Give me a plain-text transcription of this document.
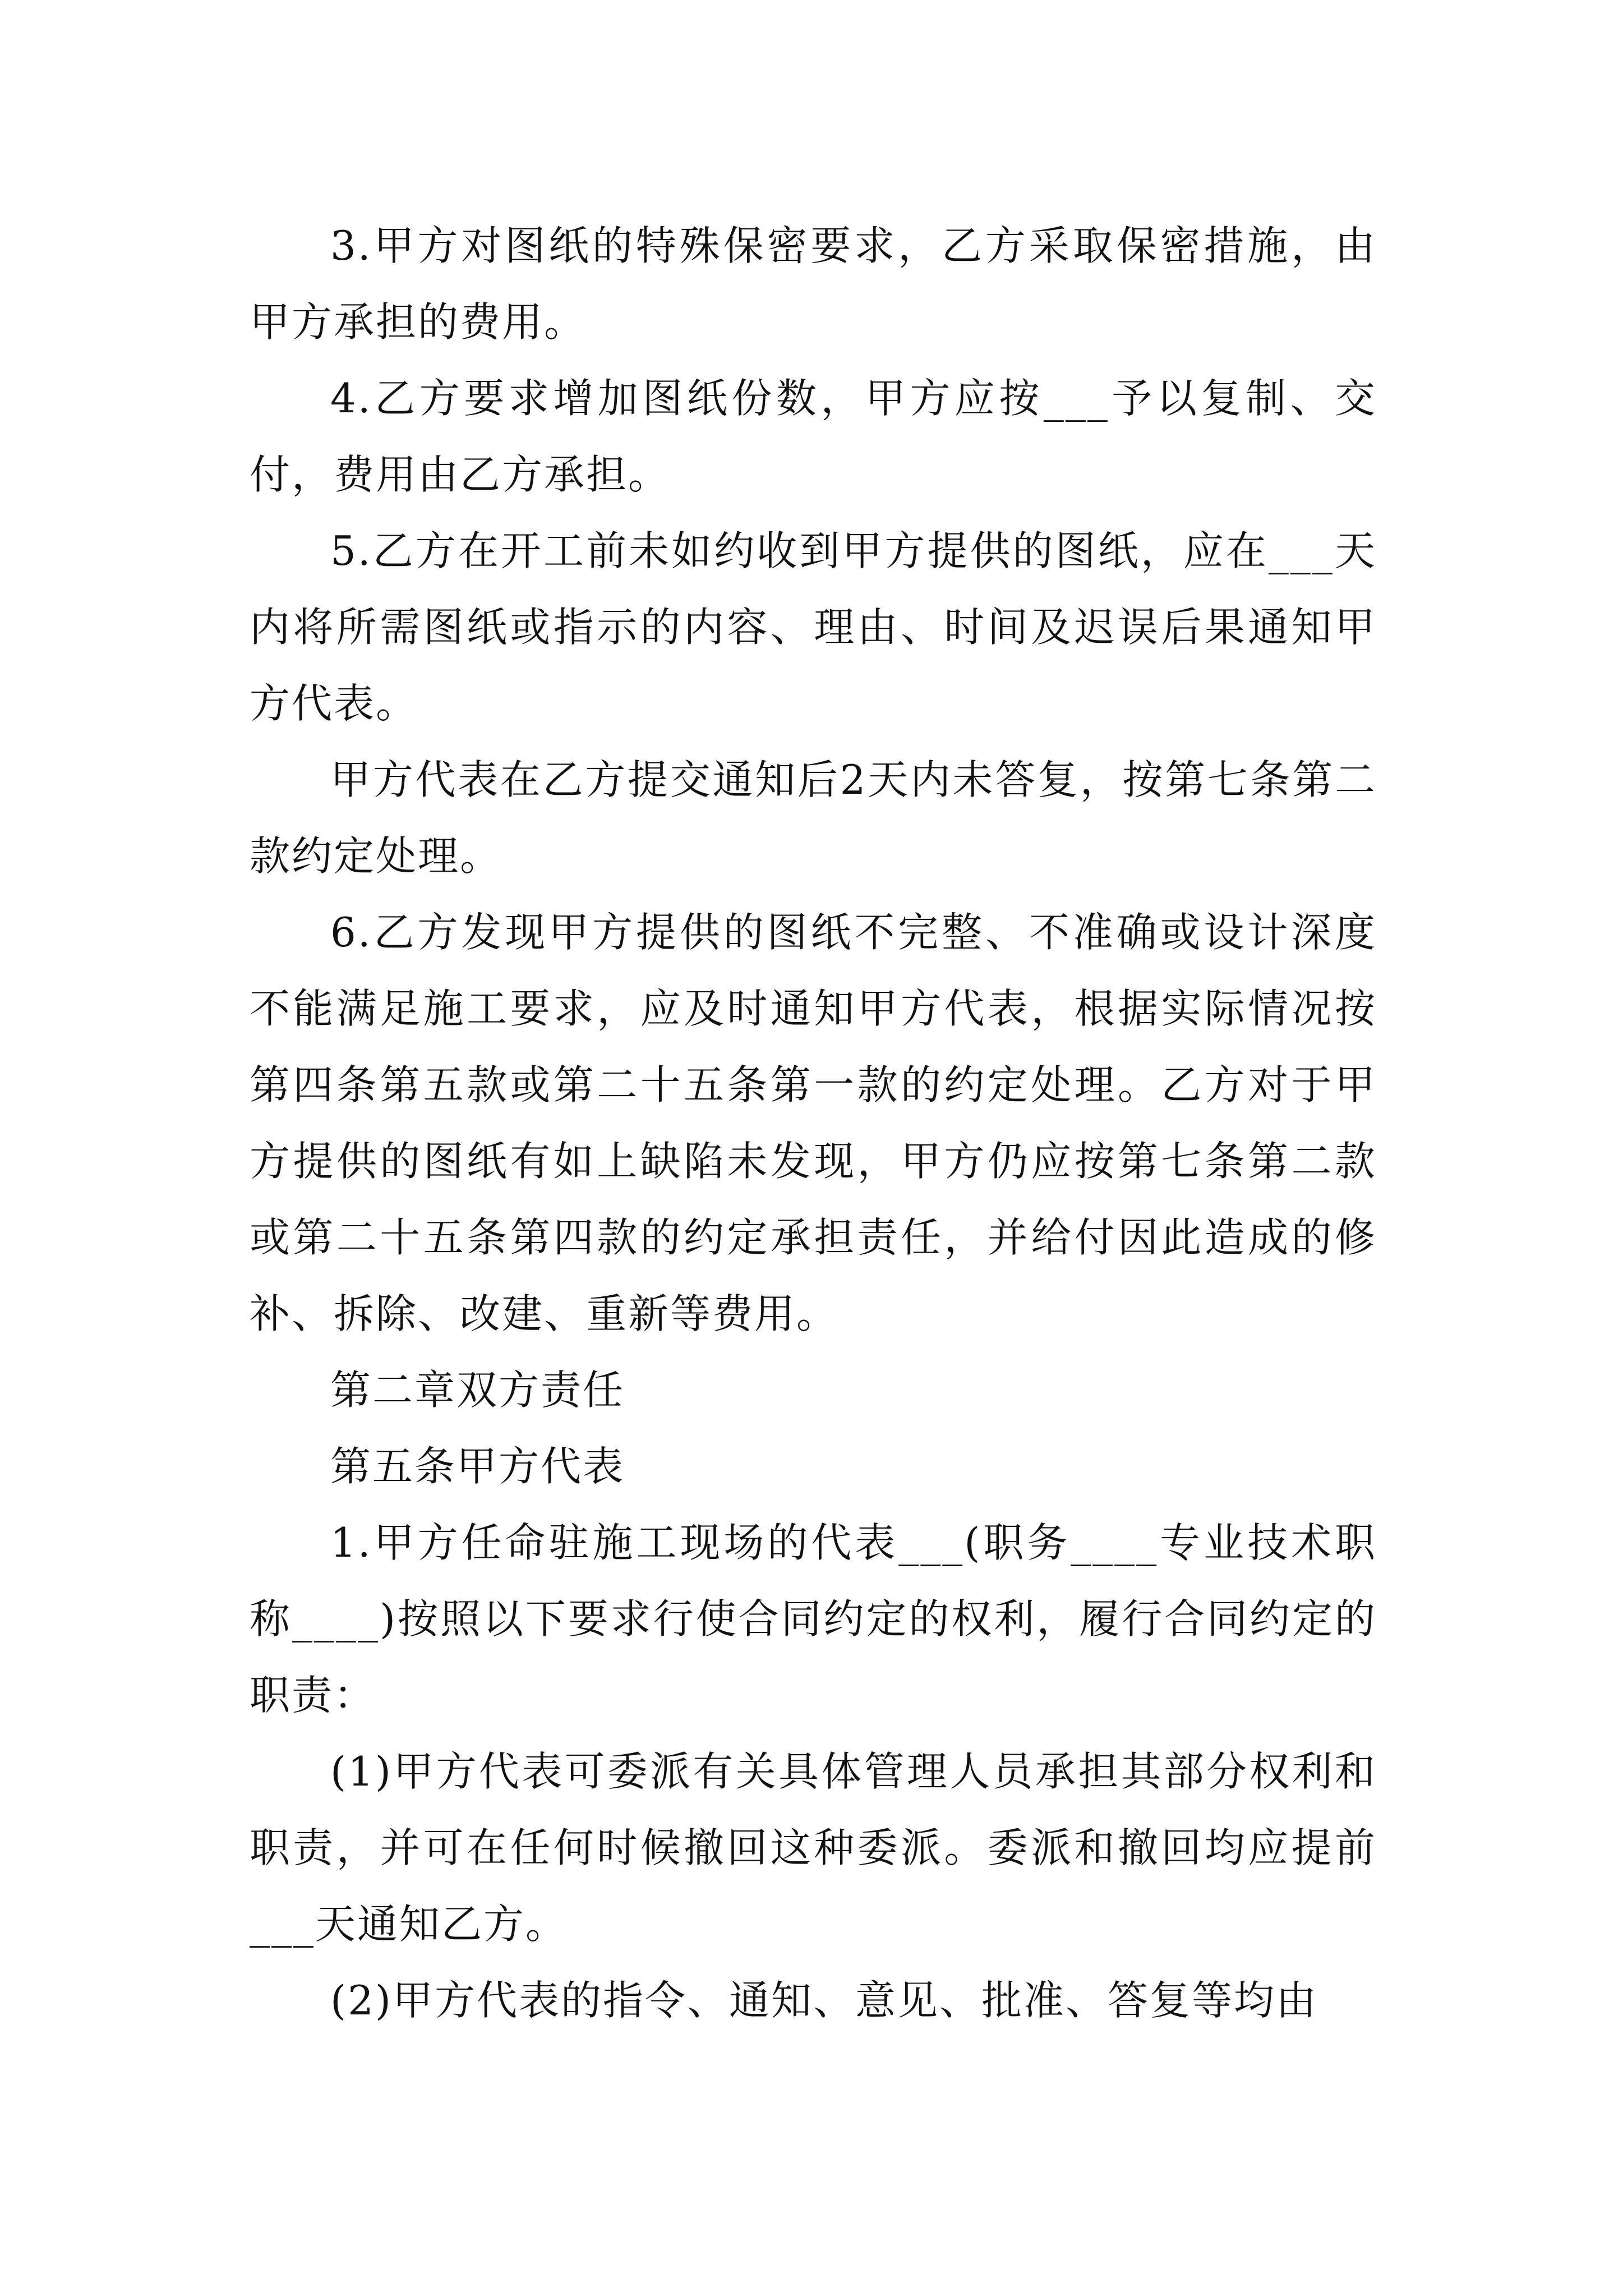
3.甲方对图纸的特殊保密要求，乙方采取保密措施，由甲方承担的费用。

4.乙方要求增加图纸份数，甲方应按___予以复制、交付，费用由乙方承担。

5.乙方在开工前未如约收到甲方提供的图纸，应在___天内将所需图纸或指示的内容、理由、时间及迟误后果通知甲方代表。

甲方代表在乙方提交通知后2天内未答复，按第七条第二款约定处理。

6.乙方发现甲方提供的图纸不完整、不准确或设计深度不能满足施工要求，应及时通知甲方代表，根据实际情况按第四条第五款或第二十五条第一款的约定处理。乙方对于甲方提供的图纸有如上缺陷未发现，甲方仍应按第七条第二款或第二十五条第四款的约定承担责任，并给付因此造成的修补、拆除、改建、重新等费用。

第二章双方责任

第五条甲方代表

1.甲方任命驻施工现场的代表___(职务____专业技术职称____)按照以下要求行使合同约定的权利，履行合同约定的职责：

(1)甲方代表可委派有关具体管理人员承担其部分权利和职责，并可在任何时候撤回这种委派。委派和撤回均应提前___天通知乙方。

(2)甲方代表的指令、通知、意见、批准、答复等均由
